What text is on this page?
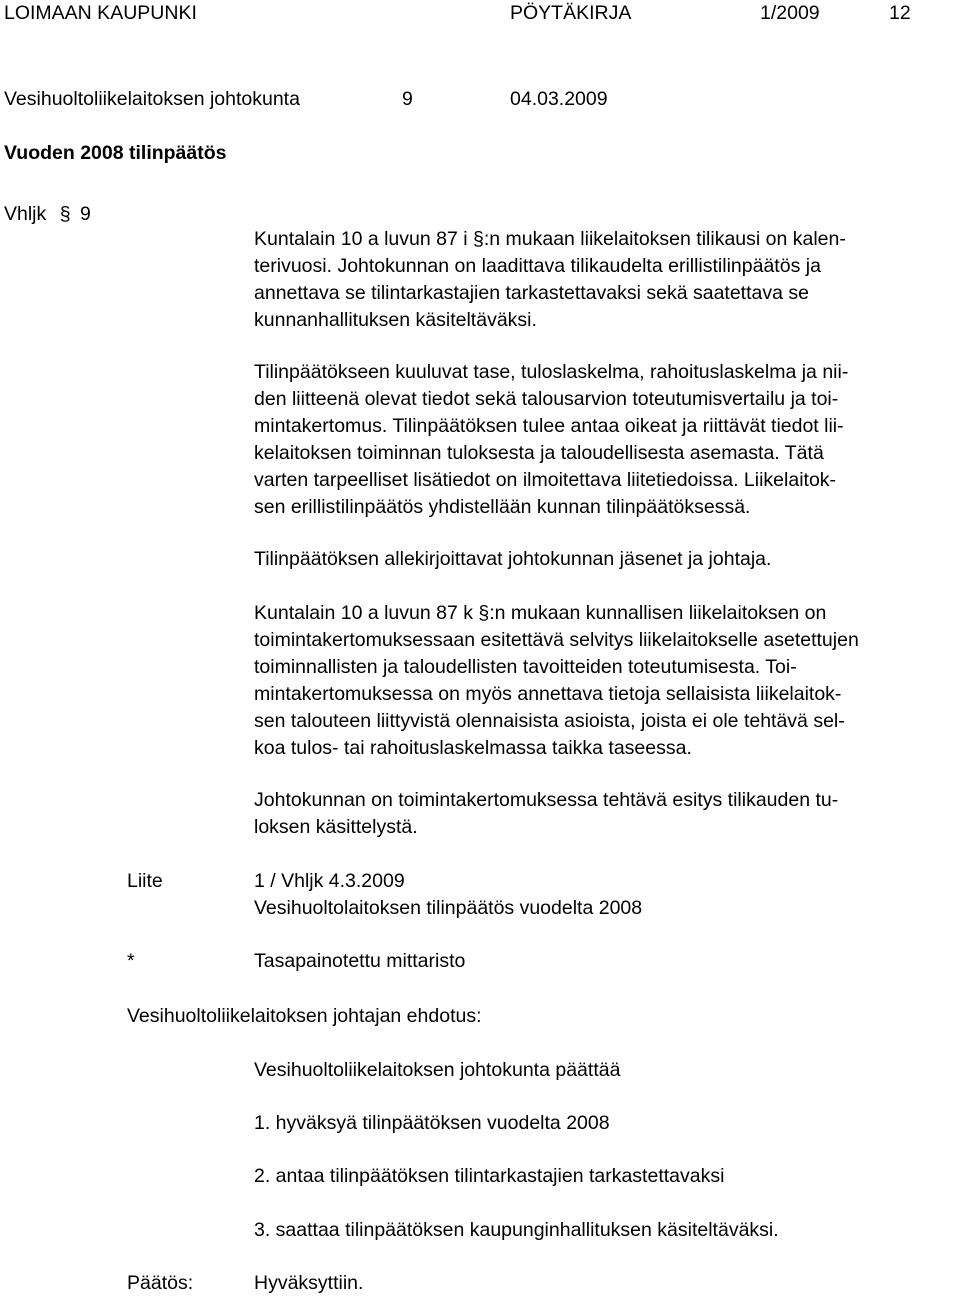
LOIMAAN KAUPUNKI	PÖYTÄKIRJA	1/2009	12
Vesihuoltoliikelaitoksen johtokunta	9	04.03.2009
Vuoden 2008 tilinpäätös
Vhljk § 9
Kuntalain 10 a luvun 87 i §:n mukaan liikelaitoksen tilikausi on kalen-
terivuosi. Johtokunnan on laadittava tilikaudelta erillistilinpäätös ja
annettava se tilintarkastajien tarkastettavaksi sekä saatettava se
kunnanhallituksen käsiteltäväksi.
Tilinpäätökseen kuuluvat tase, tuloslaskelma, rahoituslaskelma ja nii-
den liitteenä olevat tiedot sekä talousarvion toteutumisvertailu ja toi-
mintakertomus. Tilinpäätöksen tulee antaa oikeat ja riittävät tiedot lii-
kelaitoksen toiminnan tuloksesta ja taloudellisesta asemasta. Tätä
varten tarpeelliset lisätiedot on ilmoitettava liitetiedoissa. Liikelaitok-
sen erillistilinpäätös yhdistellään kunnan tilinpäätöksessä.
Tilinpäätöksen allekirjoittavat johtokunnan jäsenet ja johtaja.
Kuntalain 10 a luvun 87 k §:n mukaan kunnallisen liikelaitoksen on
toimintakertomuksessaan esitettävä selvitys liikelaitokselle asetettujen
toiminnallisten ja taloudellisten tavoitteiden toteutumisesta. Toi-
mintakertomuksessa on myös annettava tietoja sellaisista liikelaitok-
sen talouteen liittyvistä olennaisista asioista, joista ei ole tehtävä sel-
koa tulos- tai rahoituslaskelmassa taikka taseessa.
Johtokunnan on toimintakertomuksessa tehtävä esitys tilikauden tu-
loksen käsittelystä.
Liite	1 / Vhljk 4.3.2009
Vesihuoltolaitoksen tilinpäätös vuodelta 2008
*	Tasapainotettu mittaristo
Vesihuoltoliikelaitoksen johtajan ehdotus:
Vesihuoltoliikelaitoksen johtokunta päättää
1. hyväksyä tilinpäätöksen vuodelta 2008
2. antaa tilinpäätöksen tilintarkastajien tarkastettavaksi
3. saattaa tilinpäätöksen kaupunginhallituksen käsiteltäväksi.
Päätös:	Hyväksyttiin.
